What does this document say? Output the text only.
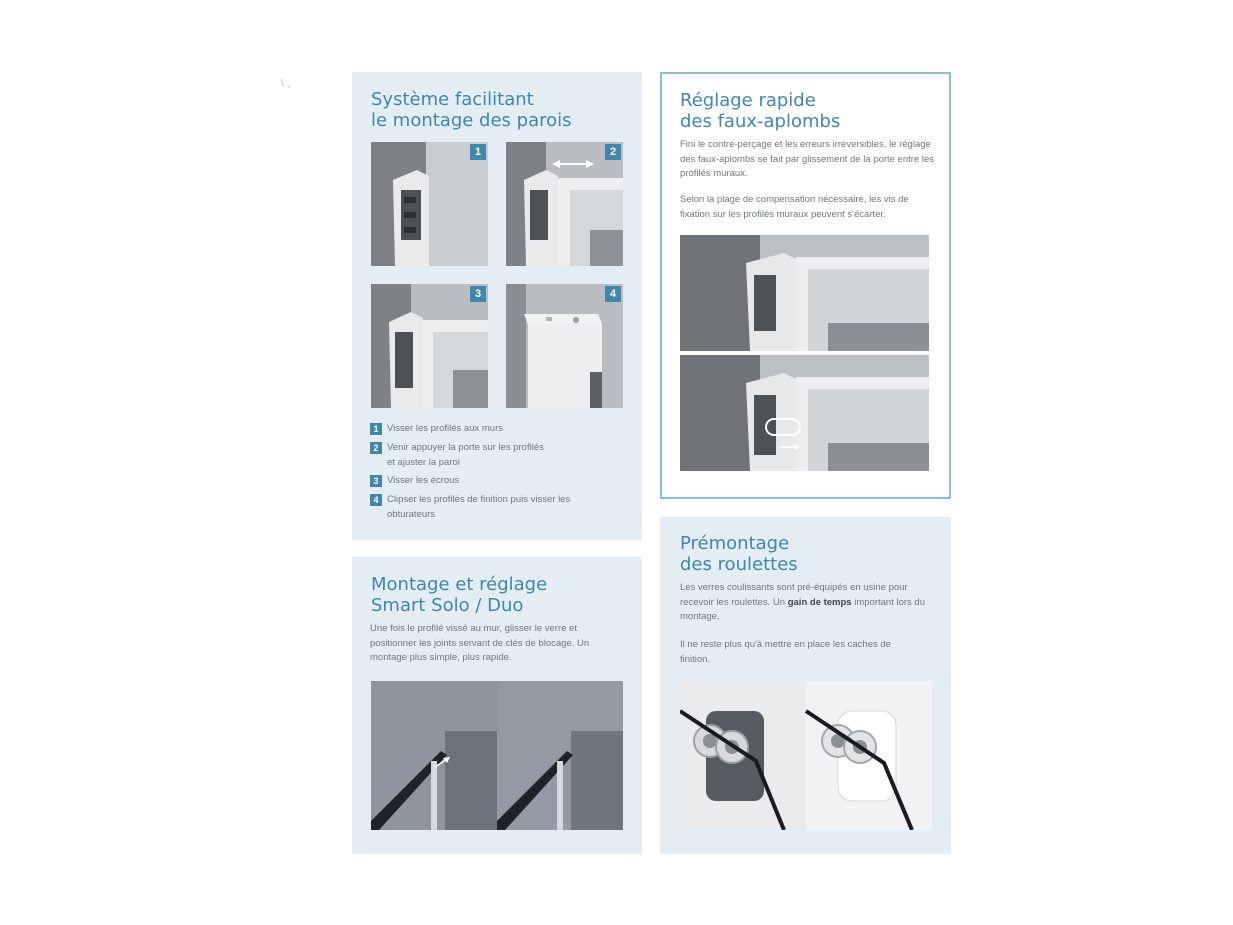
Système facilitant
le montage des parois
1	2
3	4
1 Visser les profilés aux murs
2 Venir appuyer la porte sur les profilés
et ajuster la paroi
3 Visser les écrous
4 Clipser les profilés de finition puis visser les
obturateurs
Réglage rapide
des faux-aplombs

Fini le contre-perçage et les erreurs irréversibles, le réglage des faux-aplombs se fait par glissement de la porte entre les profilés muraux.

Selon la plage de compensation nécessaire, les vis de fixation sur les profilés muraux peuvent s'écarter.

Montage et réglage
Smart Solo / Duo

Une fois le profilé vissé au mur, glisser le verre et positionner les joints servant de clés de blocage. Un montage plus simple, plus rapide.

Prémontage
des roulettes

Les verres coulissants sont pré-équipés en usine pour recevoir les roulettes. Un gain de temps important lors du montage.

Il ne reste plus qu'à mettre en place les caches de finition.
